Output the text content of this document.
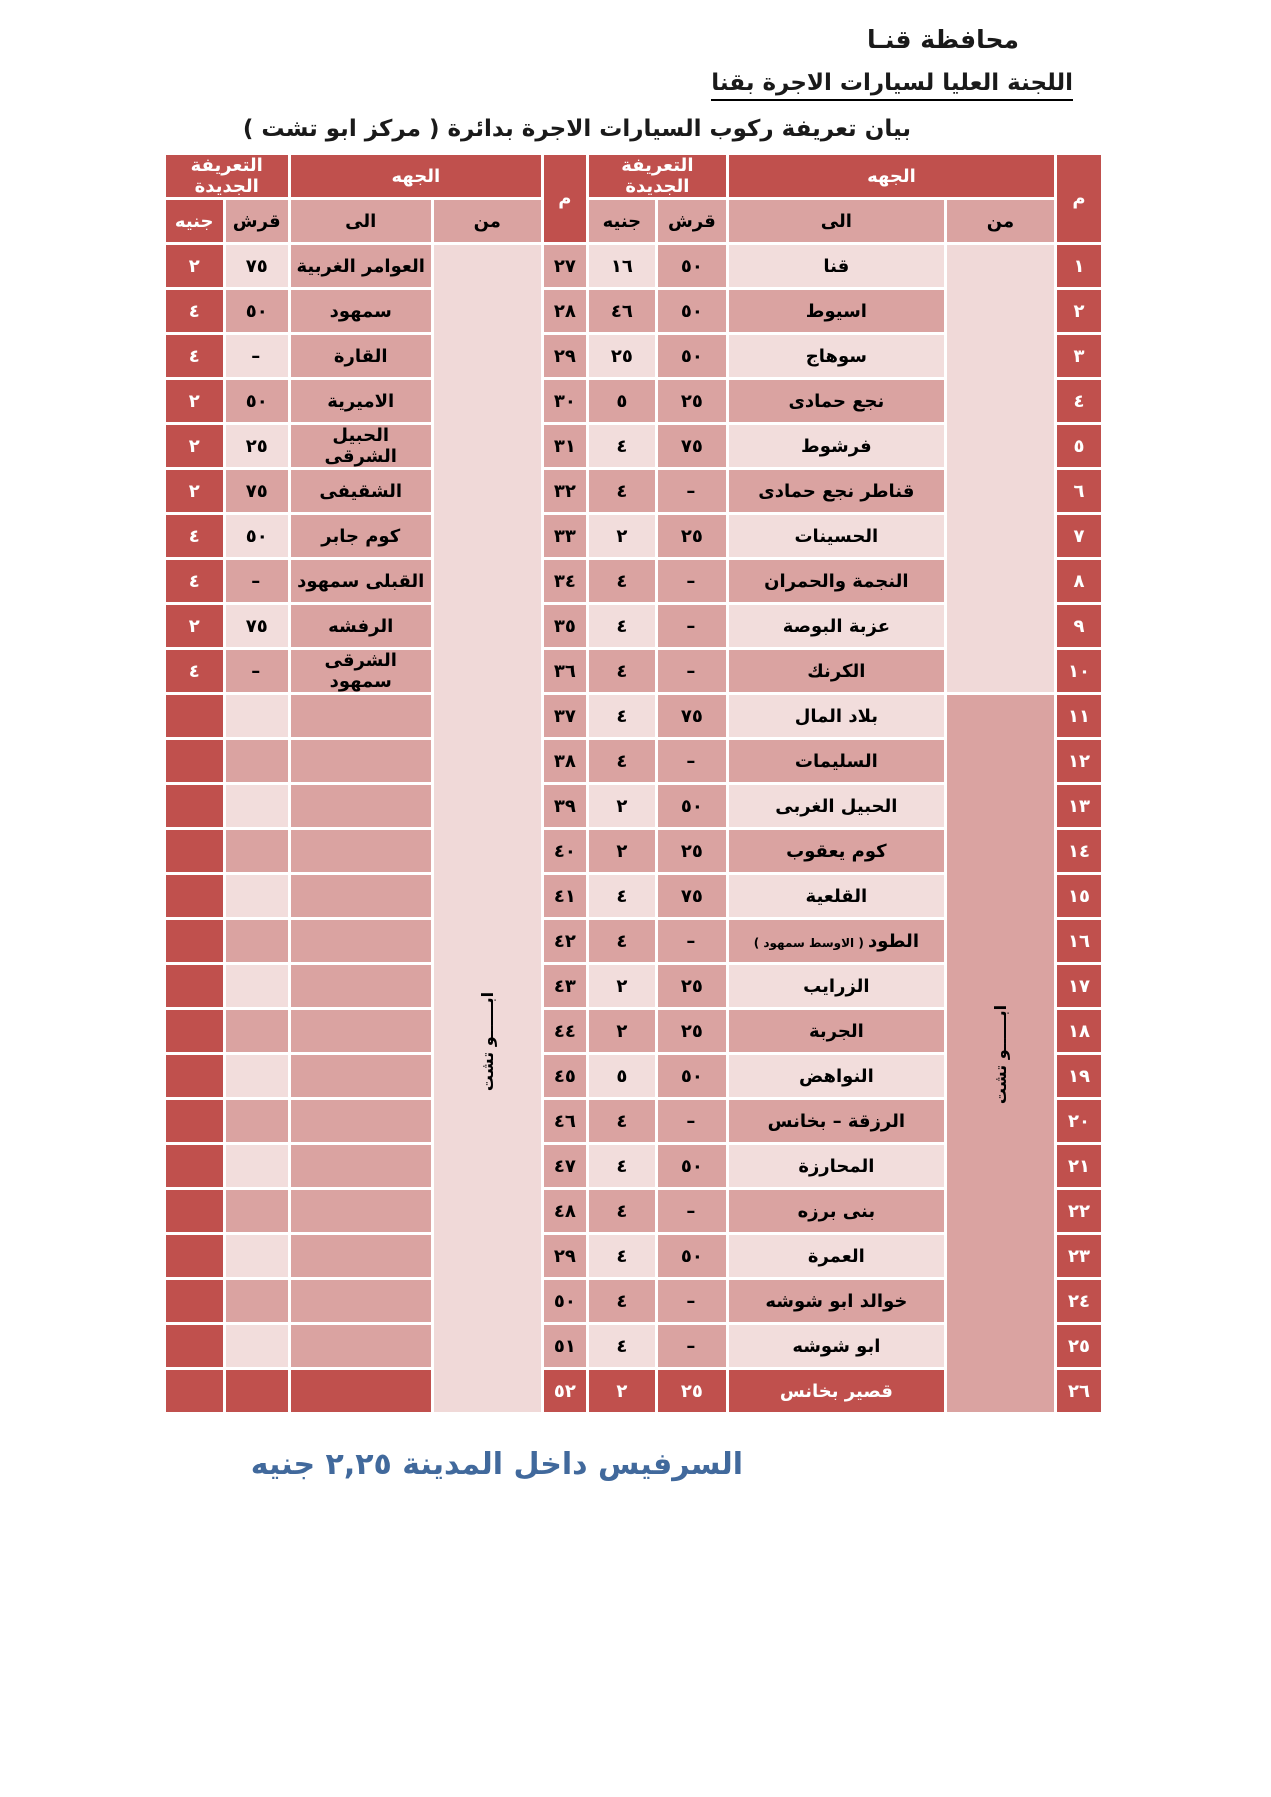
محافظة قنـا
اللجنة العليا لسيارات الاجرة بقنا
بيان تعريفة ركوب السيارات الاجرة بدائرة ( مركز ابو تشت )
م	الجهه		التعريفة الجديدة		م	الجهه		التعريفة الجديدة	
	من	الى	قرش	جنيه		من	الى	قرش	جنيه
١		قنا	٥٠	١٦	٢٧	ابــــــو تشت	العوامر الغربية	٧٥	٢
٢		اسيوط	٥٠	٤٦	٢٨		سمهود	٥٠	٤
٣		سوهاج	٥٠	٢٥	٢٩		القارة	–	٤
٤		نجع حمادى	٢٥	٥	٣٠		الاميرية	٥٠	٢
٥		فرشوط	٧٥	٤	٣١		الحبيل الشرقى	٢٥	٢
٦		قناطر نجع حمادى	–	٤	٣٢		الشقيفى	٧٥	٢
٧		الحسينات	٢٥	٢	٣٣		كوم جابر	٥٠	٤
٨		النجمة والحمران	–	٤	٣٤		القبلى سمهود	–	٤
٩		عزبة البوصة	–	٤	٣٥		الرفشه	٧٥	٢
١٠		الكرنك	–	٤	٣٦		الشرقى سمهود	–	٤
١١	ابــــــو تشت	بلاد المال	٧٥	٤	٣٧				
١٢		السليمات	–	٤	٣٨				
١٣		الحبيل الغربى	٥٠	٢	٣٩				
١٤		كوم يعقوب	٢٥	٢	٤٠				
١٥		القلعية	٧٥	٤	٤١				
١٦		الطود ( الاوسط سمهود )	–	٤	٤٢				
١٧		الزرايب	٢٥	٢	٤٣				
١٨		الجربة	٢٥	٢	٤٤				
١٩		النواهض	٥٠	٥	٤٥				
٢٠		الرزقة – بخانس	–	٤	٤٦				
٢١		المحارزة	٥٠	٤	٤٧				
٢٢		بنى برزه	–	٤	٤٨				
٢٣		العمرة	٥٠	٤	٢٩				
٢٤		خوالد ابو شوشه	–	٤	٥٠				
٢٥		ابو شوشه	–	٤	٥١				
٢٦		قصير بخانس	٢٥	٢	٥٢				
السرفيس داخل المدينة ٢,٢٥ جنيه
